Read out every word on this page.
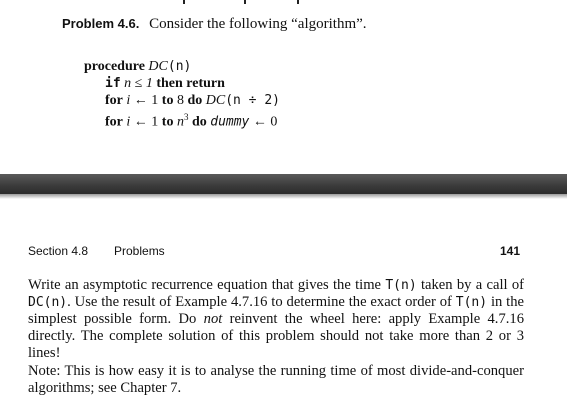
Problem 4.6. Consider the following “algorithm”.
procedure DC(n)
if n ≤ 1 then return
for i ← 1 to 8 do DC(n ÷ 2)
for i ← 1 to $n^3$ do dummy ← 0
Section 4.8 Problems	141

Write an asymptotic recurrence equation that gives the time T(n) taken by a call of DC(n). Use the result of Example 4.7.16 to determine the exact order of T(n) in the simplest possible form. Do not reinvent the wheel here: apply Example 4.7.16 directly. The complete solution of this problem should not take more than 2 or 3 lines!

Note: This is how easy it is to analyse the running time of most divide-and-conquer algorithms; see Chapter 7.
